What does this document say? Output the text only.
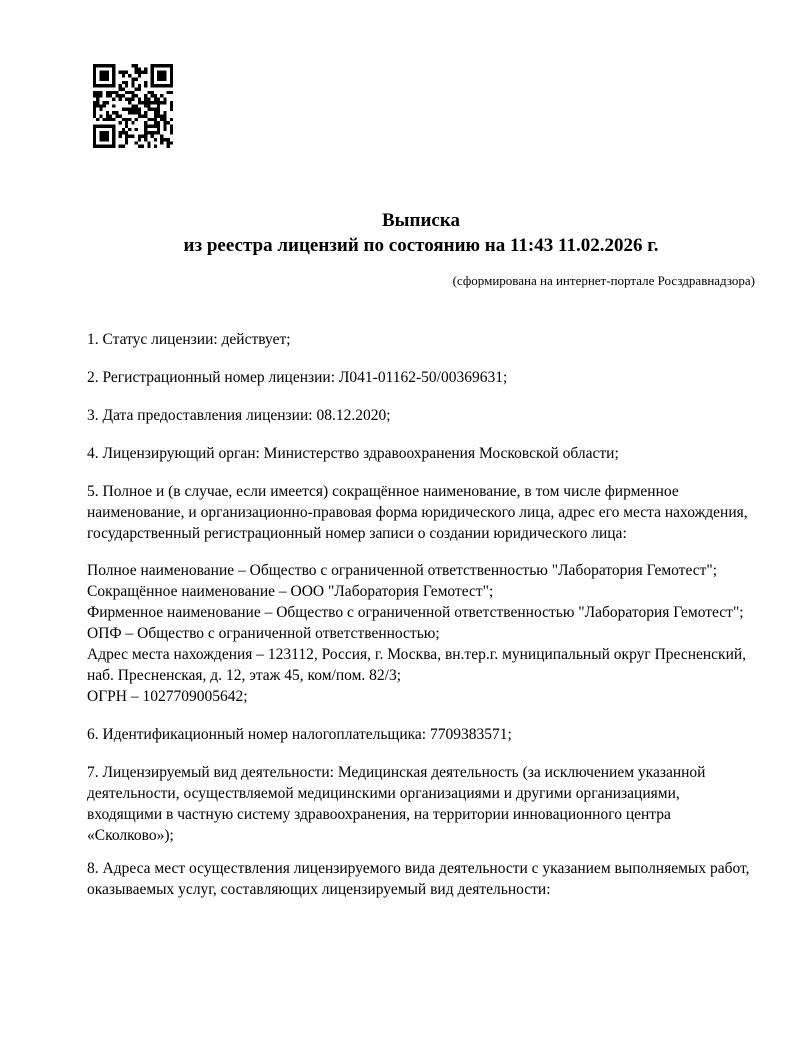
Выписка
из реестра лицензий по состоянию на 11:43 11.02.2026 г.

(сформирована на интернет-портале Росздравнадзора)

1. Статус лицензии: действует;

2. Регистрационный номер лицензии: Л041-01162-50/00369631;

3. Дата предоставления лицензии: 08.12.2020;

4. Лицензирующий орган: Министерство здравоохранения Московской области;

5. Полное и (в случае, если имеется) сокращённое наименование, в том числе фирменное наименование, и организационно-правовая форма юридического лица, адрес его места нахождения, государственный регистрационный номер записи о создании юридического лица:

Полное наименование – Общество с ограниченной ответственностью "Лаборатория Гемотест";

Сокращённое наименование – ООО "Лаборатория Гемотест";

Фирменное наименование – Общество с ограниченной ответственностью "Лаборатория Гемотест";

ОПФ – Общество с ограниченной ответственностью;

Адрес места нахождения – 123112, Россия, г. Москва, вн.тер.г. муниципальный округ Пресненский, наб. Пресненская, д. 12, этаж 45, ком/пом. 82/3;

ОГРН – 1027709005642;

6. Идентификационный номер налогоплательщика: 7709383571;

7. Лицензируемый вид деятельности: Медицинская деятельность (за исключением указанной деятельности, осуществляемой медицинскими организациями и другими организациями, входящими в частную систему здравоохранения, на территории инновационного центра «Сколково»);

8. Адреса мест осуществления лицензируемого вида деятельности с указанием выполняемых работ, оказываемых услуг, составляющих лицензируемый вид деятельности:
